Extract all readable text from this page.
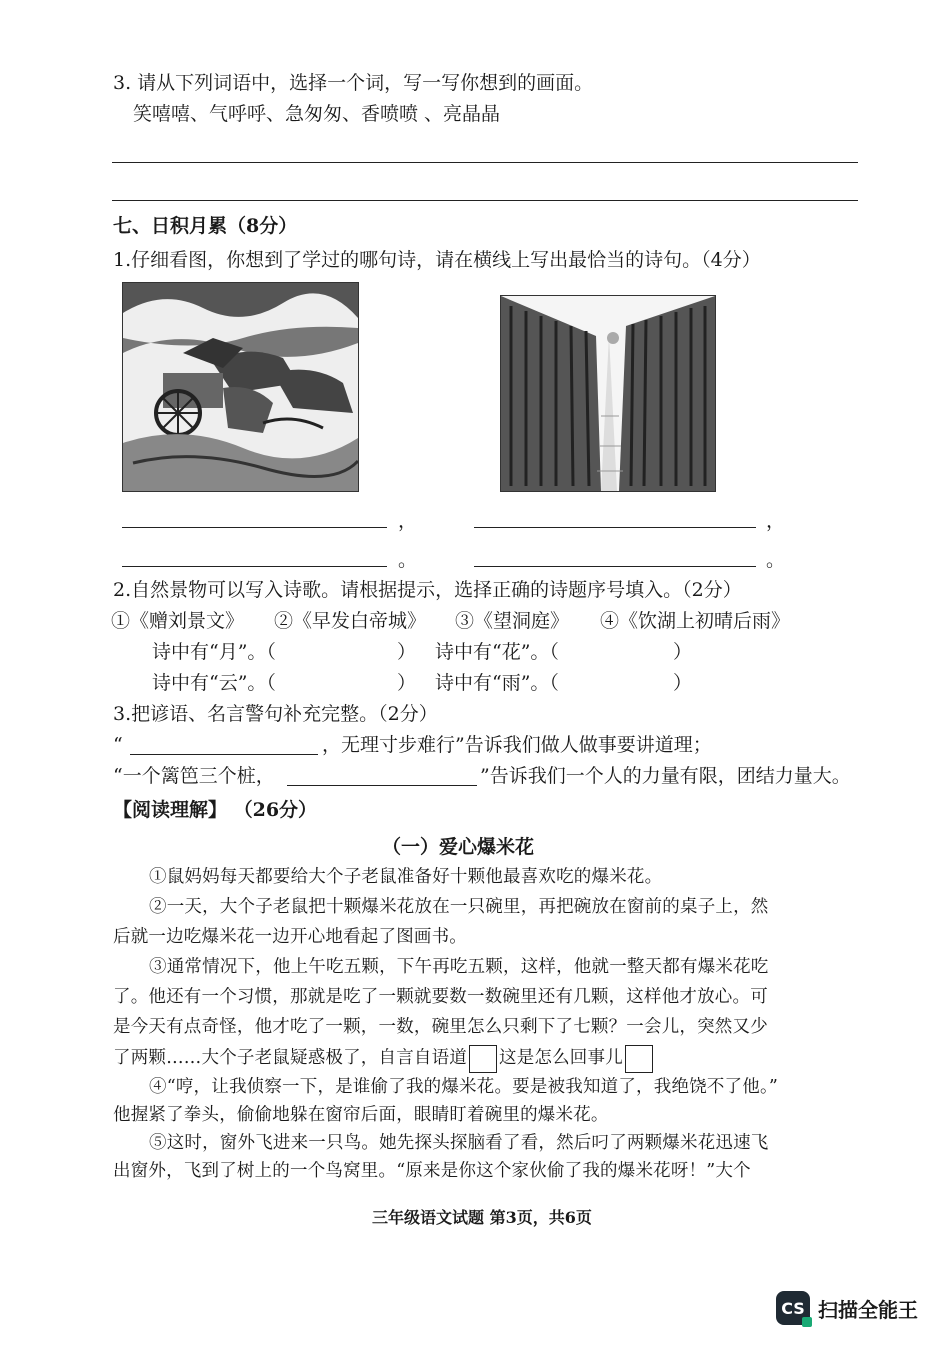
3. 请从下列词语中，选择一个词，写一写你想到的画面。
笑嘻嘻、气呼呼、急匆匆、香喷喷 、亮晶晶
七、日积月累（8分）
1.仔细看图，你想到了学过的哪句诗，请在横线上写出最恰当的诗句。（4分）
，	，
。	。
2.自然景物可以写入诗歌。请根据提示，选择正确的诗题序号填入。（2分）
①《赠刘景文》 ②《早发白帝城》 ③《望洞庭》 ④《饮湖上初晴后雨》
诗中有“月”。（	） 诗中有“花”。（	）
诗中有“云”。（	） 诗中有“雨”。（	）
3.把谚语、名言警句补充完整。（2分）
“	，无理寸步难行”告诉我们做人做事要讲道理；
“一个篱笆三个桩，	”告诉我们一个人的力量有限，团结力量大。
【阅读理解】 （26分）
（一）爱心爆米花
①鼠妈妈每天都要给大个子老鼠准备好十颗他最喜欢吃的爆米花。
②一天，大个子老鼠把十颗爆米花放在一只碗里，再把碗放在窗前的桌子上，然
后就一边吃爆米花一边开心地看起了图画书。
③通常情况下，他上午吃五颗，下午再吃五颗，这样，他就一整天都有爆米花吃
了。他还有一个习惯，那就是吃了一颗就要数一数碗里还有几颗，这样他才放心。可
是今天有点奇怪，他才吃了一颗，一数，碗里怎么只剩下了七颗？一会儿，突然又少
了两颗……大个子老鼠疑惑极了，自言自语道 这是怎么回事儿
④“哼，让我侦察一下，是谁偷了我的爆米花。要是被我知道了，我绝饶不了他。”
他握紧了拳头，偷偷地躲在窗帘后面，眼睛盯着碗里的爆米花。
⑤这时，窗外飞进来一只鸟。她先探头探脑看了看，然后叼了两颗爆米花迅速飞
出窗外，飞到了树上的一个鸟窝里。“原来是你这个家伙偷了我的爆米花呀！”大个
三年级语文试题 第3页，共6页
CS 扫描全能王
